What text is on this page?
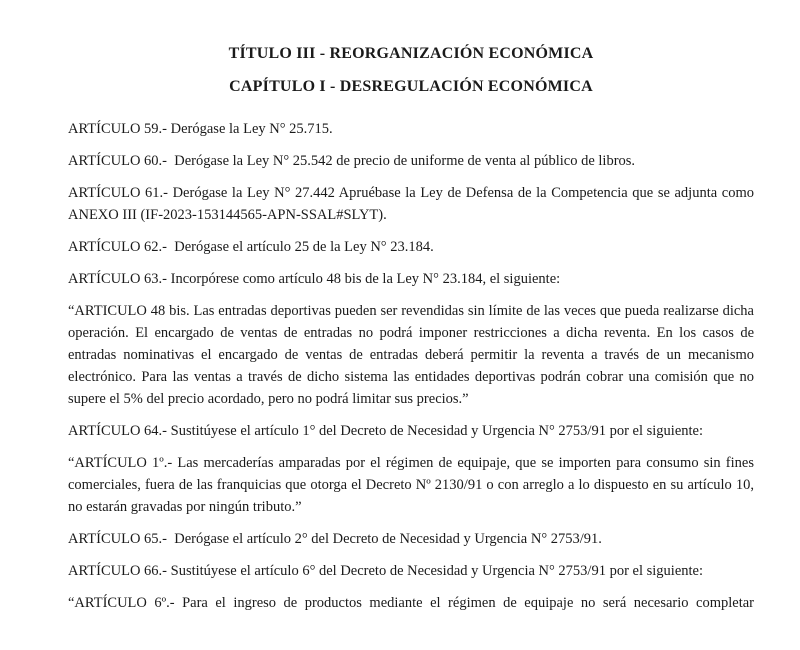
TÍTULO III - REORGANIZACIÓN ECONÓMICA
CAPÍTULO I - DESREGULACIÓN ECONÓMICA

ARTÍCULO 59.- Derógase la Ley N° 25.715.

ARTÍCULO 60.-  Derógase la Ley N° 25.542 de precio de uniforme de venta al público de libros.

ARTÍCULO 61.- Derógase la Ley N° 27.442 Apruébase la Ley de Defensa de la Competencia que se adjunta como ANEXO III (IF-2023-153144565-APN-SSAL#SLYT).

ARTÍCULO 62.-  Derógase el artículo 25 de la Ley N° 23.184.

ARTÍCULO 63.- Incorpórese como artículo 48 bis de la Ley N° 23.184, el siguiente:

“ARTICULO 48 bis. Las entradas deportivas pueden ser revendidas sin límite de las veces que pueda realizarse dicha operación. El encargado de ventas de entradas no podrá imponer restricciones a dicha reventa. En los casos de entradas nominativas el encargado de ventas de entradas deberá permitir la reventa a través de un mecanismo electrónico. Para las ventas a través de dicho sistema las entidades deportivas podrán cobrar una comisión que no supere el 5% del precio acordado, pero no podrá limitar sus precios.”

ARTÍCULO 64.- Sustitúyese el artículo 1° del Decreto de Necesidad y Urgencia N° 2753/91 por el siguiente:

“ARTÍCULO 1º.- Las mercaderías amparadas por el régimen de equipaje, que se importen para consumo sin fines comerciales, fuera de las franquicias que otorga el Decreto Nº 2130/91 o con arreglo a lo dispuesto en su artículo 10, no estarán gravadas por ningún tributo.”

ARTÍCULO 65.-  Derógase el artículo 2° del Decreto de Necesidad y Urgencia N° 2753/91.

ARTÍCULO 66.- Sustitúyese el artículo 6° del Decreto de Necesidad y Urgencia N° 2753/91 por el siguiente:

“ARTÍCULO 6º.- Para el ingreso de productos mediante el régimen de equipaje no será necesario completar
